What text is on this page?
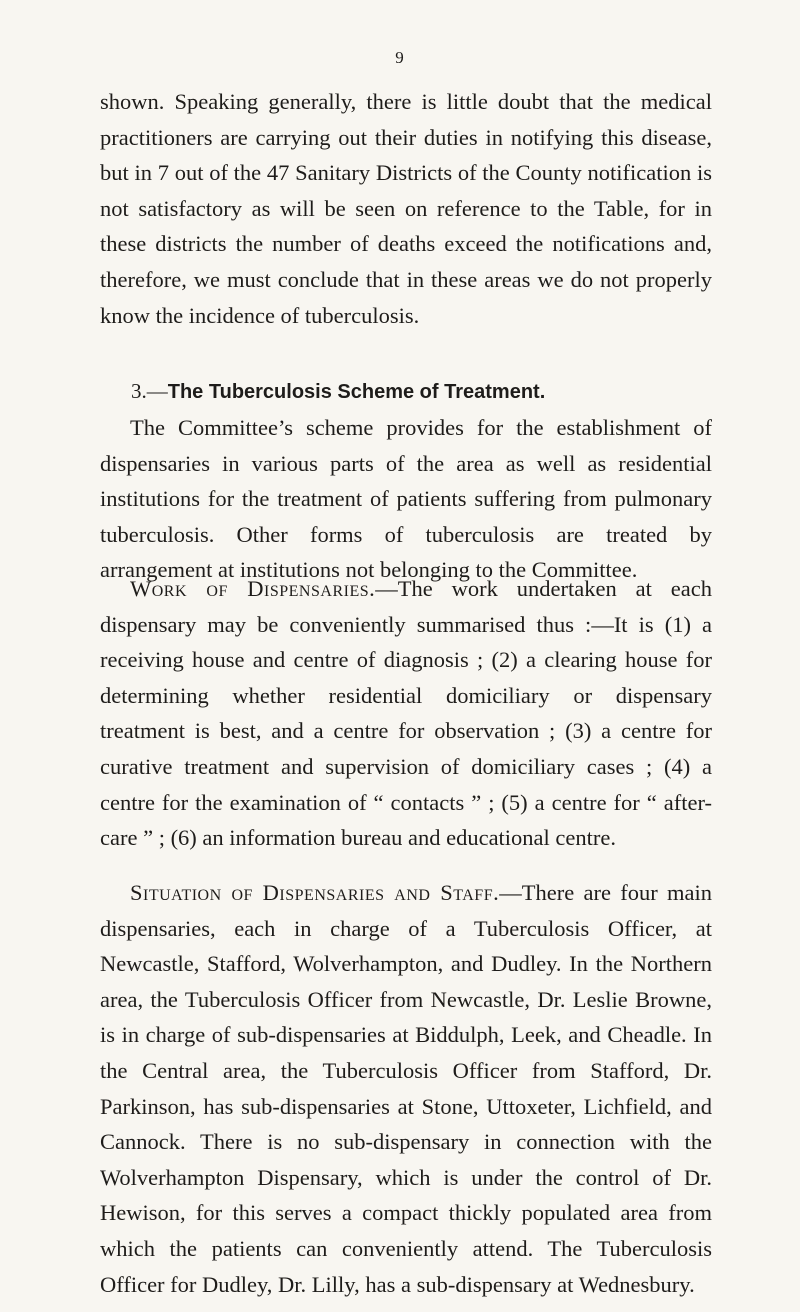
9

shown. Speaking generally, there is little doubt that the medical practitioners are carrying out their duties in notifying this disease, but in 7 out of the 47 Sanitary Districts of the County notification is not satisfactory as will be seen on reference to the Table, for in these districts the number of deaths exceed the notifications and, therefore, we must conclude that in these areas we do not properly know the incidence of tuberculosis.

3.—The Tuberculosis Scheme of Treatment.

The Committee’s scheme provides for the establishment of dispensaries in various parts of the area as well as residential institutions for the treatment of patients suffering from pulmonary tuberculosis. Other forms of tuberculosis are treated by arrangement at institutions not belonging to the Committee.

Work of Dispensaries.—The work undertaken at each dispensary may be conveniently summarised thus :—It is (1) a receiving house and centre of diagnosis ; (2) a clearing house for determining whether residential domiciliary or dispensary treatment is best, and a centre for observation ; (3) a centre for curative treatment and supervision of domiciliary cases ; (4) a centre for the examination of “ contacts ” ; (5) a centre for “ after-care ” ; (6) an information bureau and educational centre.

Situation of Dispensaries and Staff.—There are four main dispensaries, each in charge of a Tuberculosis Officer, at Newcastle, Stafford, Wolverhampton, and Dudley. In the Northern area, the Tuberculosis Officer from Newcastle, Dr. Leslie Browne, is in charge of sub-dispensaries at Biddulph, Leek, and Cheadle. In the Central area, the Tuberculosis Officer from Stafford, Dr. Parkinson, has sub-dispensaries at Stone, Uttoxeter, Lichfield, and Cannock. There is no sub-dispensary in connection with the Wolverhampton Dispensary, which is under the control of Dr. Hewison, for this serves a compact thickly populated area from which the patients can conveniently attend. The Tuberculosis Officer for Dudley, Dr. Lilly, has a sub-dispensary at Wednesbury.
